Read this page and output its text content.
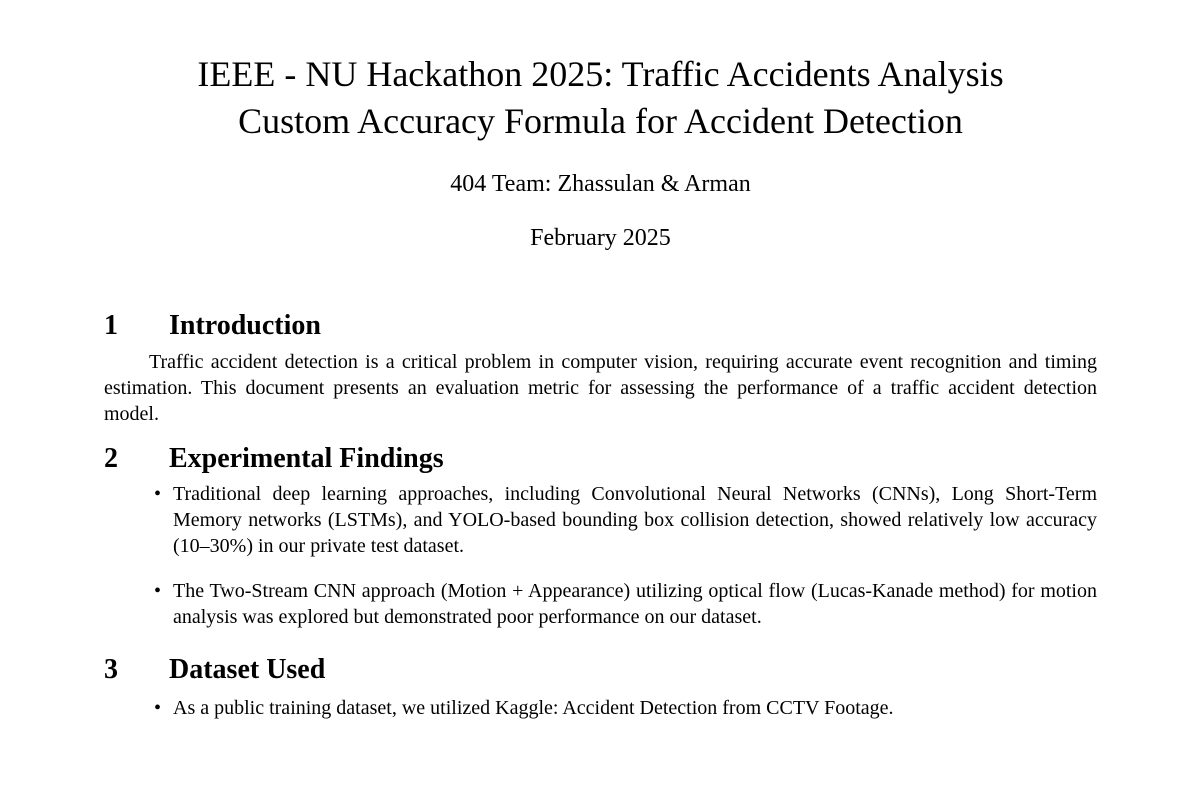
IEEE - NU Hackathon 2025: Traffic Accidents Analysis
Custom Accuracy Formula for Accident Detection
404 Team: Zhassulan & Arman
February 2025
1	Introduction

Traffic accident detection is a critical problem in computer vision, requiring accurate event recognition and timing estimation. This document presents an evaluation metric for assessing the performance of a traffic accident detection model.

2	Experimental Findings
• Traditional deep learning approaches, including Convolutional Neural Networks (CNNs), Long Short-Term Memory networks (LSTMs), and YOLO-based bounding box collision detection, showed relatively low accuracy (10–30%) in our private test dataset.
• The Two-Stream CNN approach (Motion + Appearance) utilizing optical flow (Lucas-Kanade method) for motion analysis was explored but demonstrated poor performance on our dataset.
3	Dataset Used
• As a public training dataset, we utilized Kaggle: Accident Detection from CCTV Footage.
